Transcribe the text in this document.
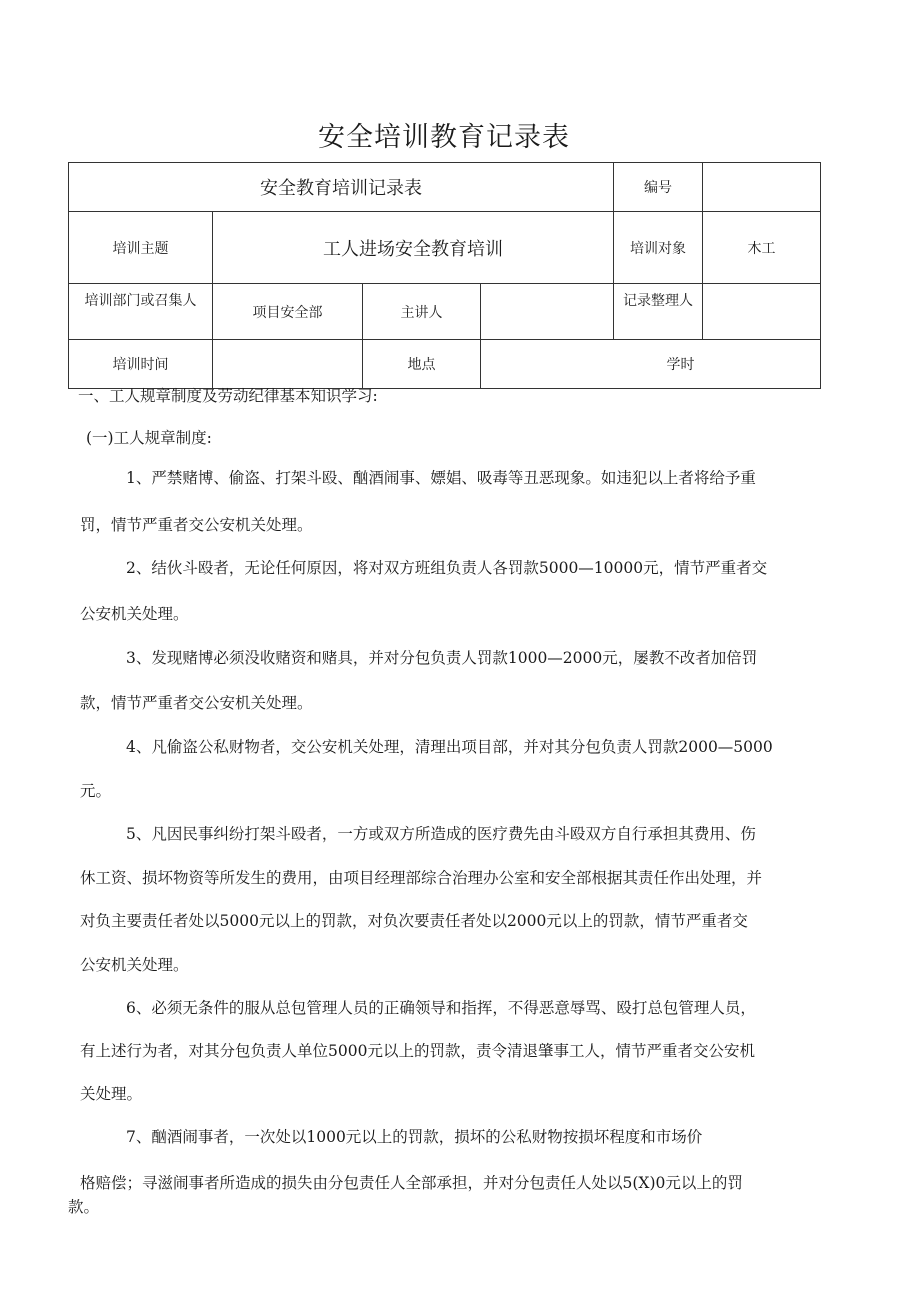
安全培训教育记录表
安全教育培训记录表				编号	
培训主题	工人进场安全教育培训			培训对象	木工
培训部门或召集人	项目安全部	主讲人		记录整理人	
培训时间		地点	学时		

一、工人规章制度及劳动纪律基本知识学习:

(一)工人规章制度:

1、严禁赌博、偷盗、打架斗殴、酗酒闹事、嫖娼、吸毒等丑恶现象。如违犯以上者将给予重

罚，情节严重者交公安机关处理。

2、结伙斗殴者，无论任何原因，将对双方班组负责人各罚款5000—10000元，情节严重者交

公安机关处理。

3、发现赌博必须没收赌资和赌具，并对分包负责人罚款1000—2000元，屡教不改者加倍罚

款，情节严重者交公安机关处理。

4、凡偷盗公私财物者，交公安机关处理，清理出项目部，并对其分包负责人罚款2000—5000

元。

5、凡因民事纠纷打架斗殴者，一方或双方所造成的医疗费先由斗殴双方自行承担其费用、伤

休工资、损坏物资等所发生的费用，由项目经理部综合治理办公室和安全部根据其责任作出处理，并

对负主要责任者处以5000元以上的罚款，对负次要责任者处以2000元以上的罚款，情节严重者交

公安机关处理。

6、必须无条件的服从总包管理人员的正确领导和指挥，不得恶意辱骂、殴打总包管理人员，

有上述行为者，对其分包负责人单位5000元以上的罚款，责令清退肇事工人，情节严重者交公安机

关处理。

7、酗酒闹事者，一次处以1000元以上的罚款，损坏的公私财物按损坏程度和市场价

格赔偿；寻滋闹事者所造成的损失由分包责任人全部承担，并对分包责任人处以5(X)0元以上的罚

款。
